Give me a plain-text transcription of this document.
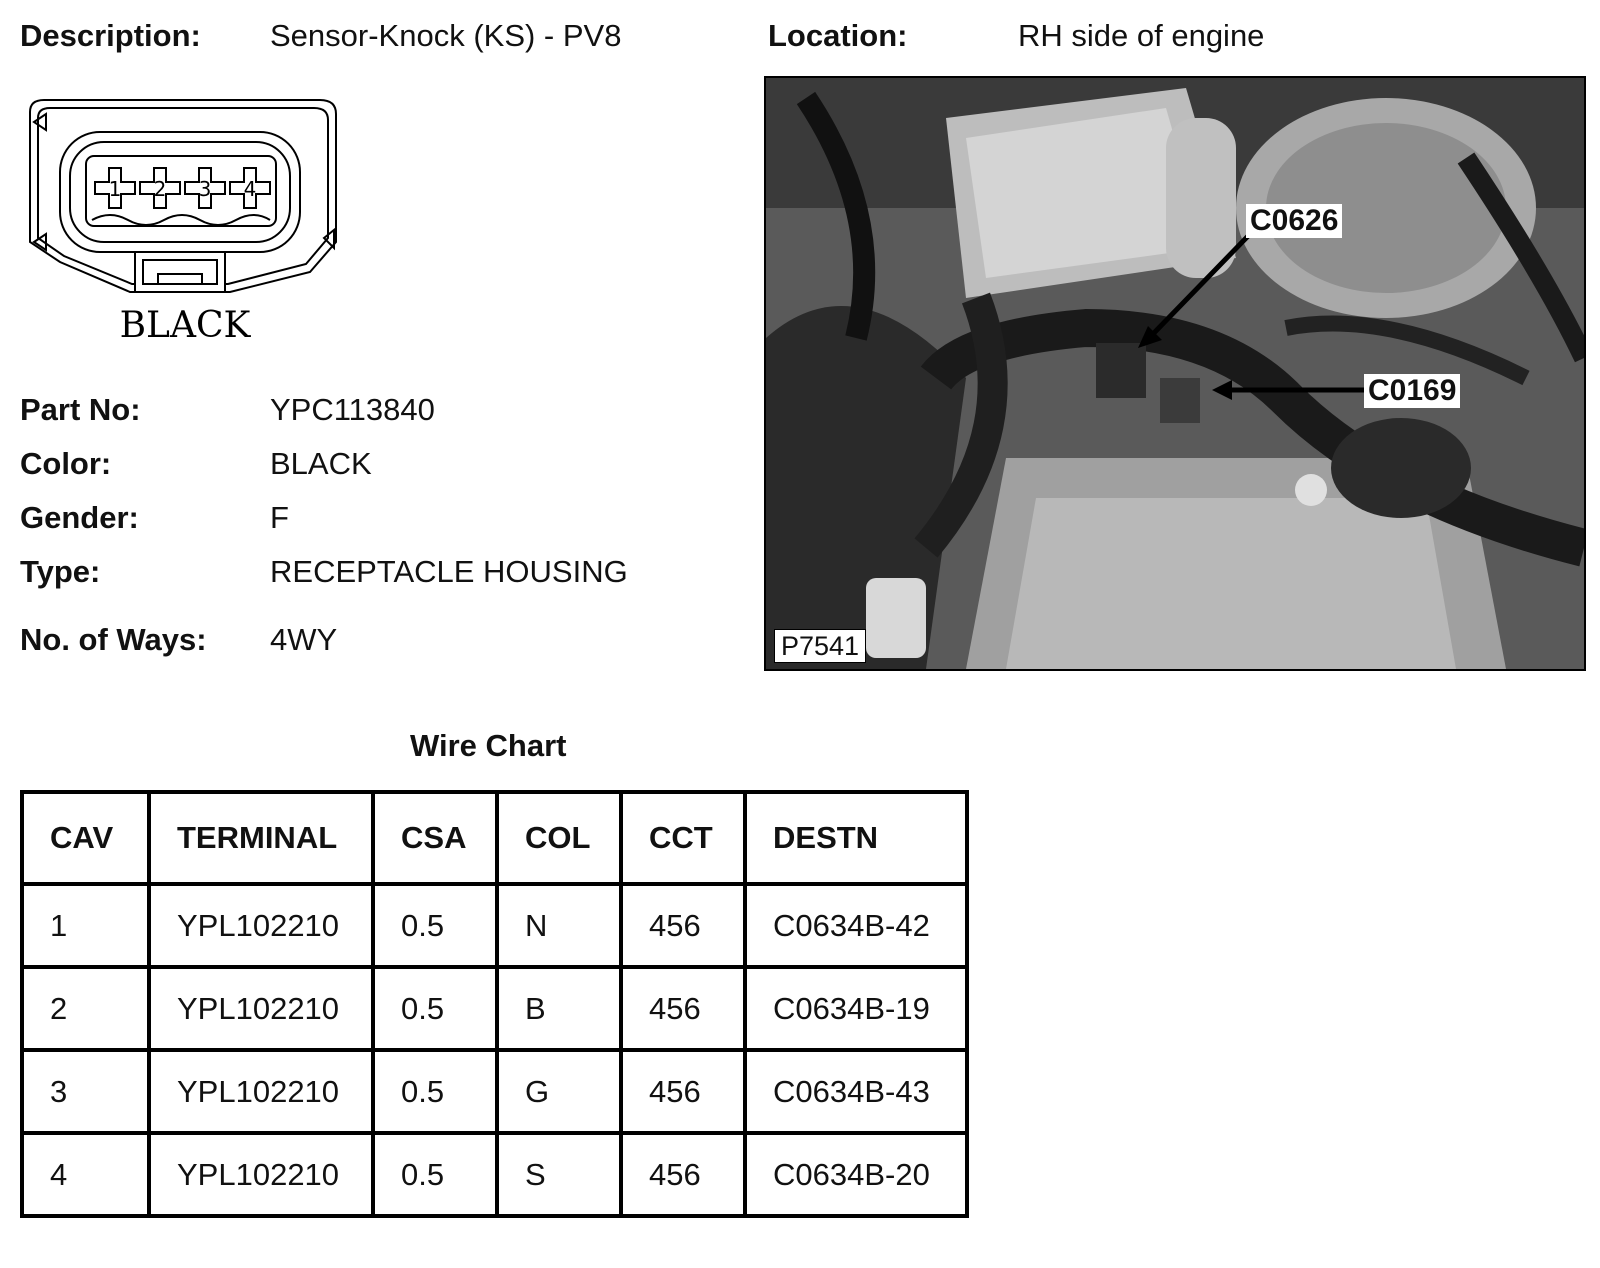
Description: Sensor-Knock (KS) - PV8	Location:	RH side of engine
1 2 3 4
BLACK
Part No:	YPC113840
Color:	BLACK
Gender:	F
Type:	RECEPTACLE HOUSING
No. of Ways: 4WY
C0626
C0169
P7541
Wire Chart
CAV	TERMINAL	CSA	COL	CCT	DESTN
1	YPL102210	0.5	N	456	C0634B-42
2	YPL102210	0.5	B	456	C0634B-19
3	YPL102210	0.5	G	456	C0634B-43
4	YPL102210	0.5	S	456	C0634B-20
